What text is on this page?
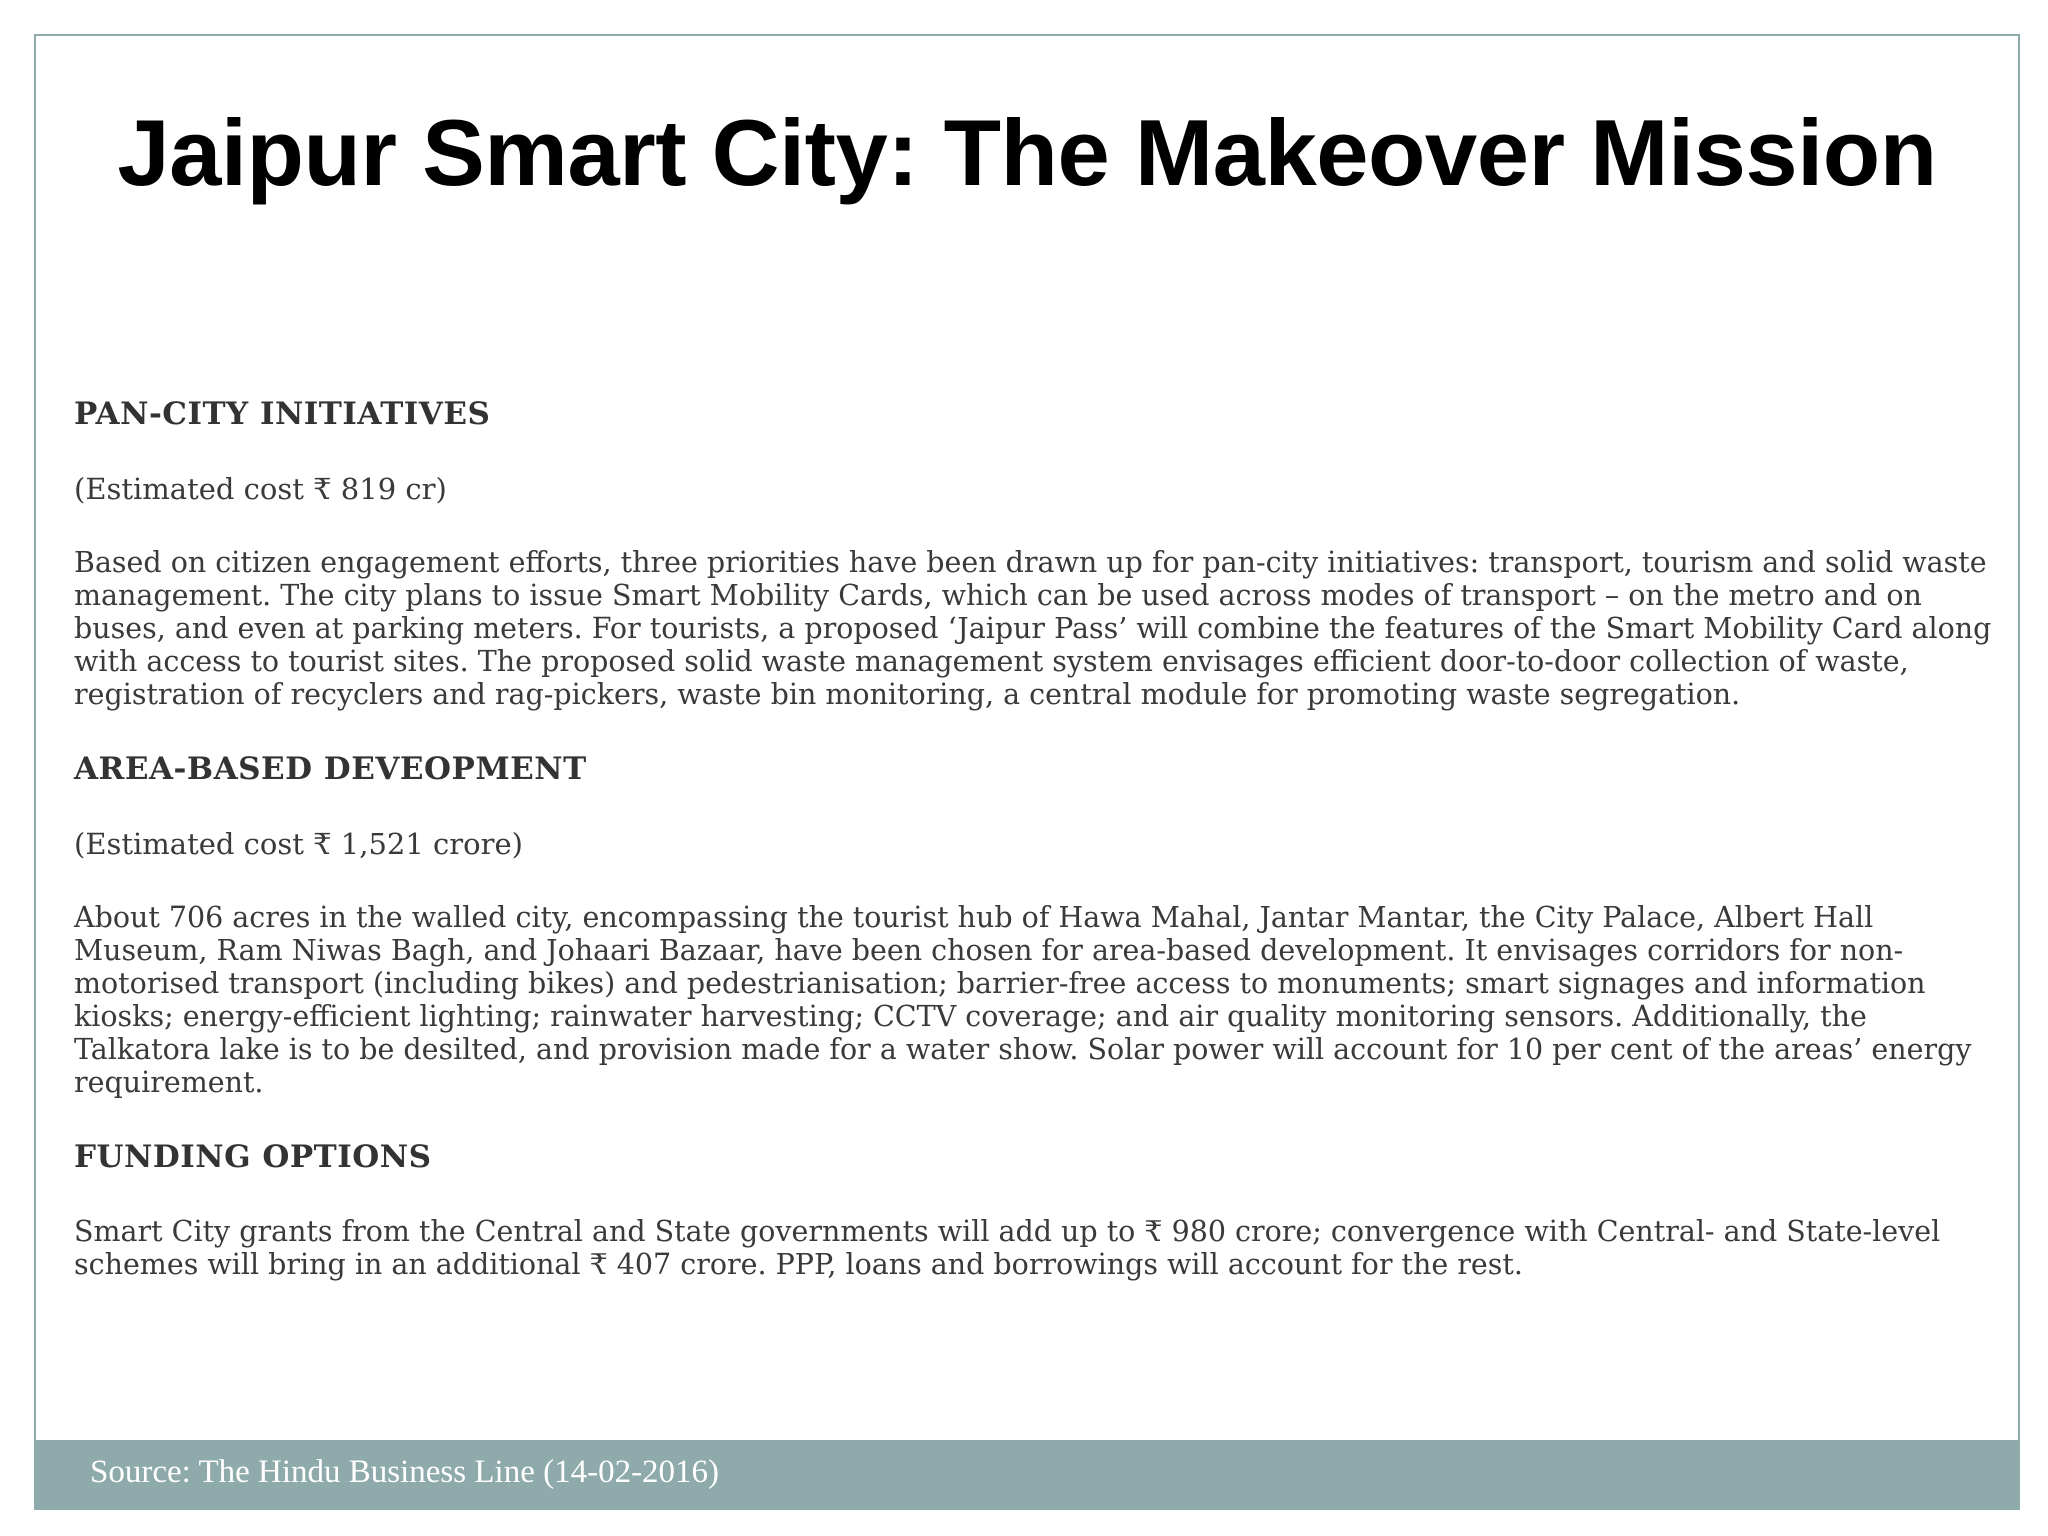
Jaipur Smart City: The Makeover Mission
PAN-CITY INITIATIVES

(Estimated cost ₹ 819 cr)

Based on citizen engagement efforts, three priorities have been drawn up for pan-city initiatives: transport, tourism and solid waste management. The city plans to issue Smart Mobility Cards, which can be used across modes of transport – on the metro and on buses, and even at parking meters. For tourists, a proposed ‘Jaipur Pass’ will combine the features of the Smart Mobility Card along with access to tourist sites. The proposed solid waste management system envisages efficient door-to-door collection of waste, registration of recyclers and rag-pickers, waste bin monitoring, a central module for promoting waste segregation.

AREA-BASED DEVEOPMENT

(Estimated cost ₹ 1,521 crore)

About 706 acres in the walled city, encompassing the tourist hub of Hawa Mahal, Jantar Mantar, the City Palace, Albert Hall Museum, Ram Niwas Bagh, and Johaari Bazaar, have been chosen for area-based development. It envisages corridors for non-motorised transport (including bikes) and pedestrianisation; barrier-free access to monuments; smart signages and information kiosks; energy-efficient lighting; rainwater harvesting; CCTV coverage; and air quality monitoring sensors. Additionally, the Talkatora lake is to be desilted, and provision made for a water show. Solar power will account for 10 per cent of the areas’ energy requirement.

FUNDING OPTIONS

Smart City grants from the Central and State governments will add up to ₹ 980 crore; convergence with Central- and State-level schemes will bring in an additional ₹ 407 crore. PPP, loans and borrowings will account for the rest.

Source: The Hindu Business Line (14-02-2016)
